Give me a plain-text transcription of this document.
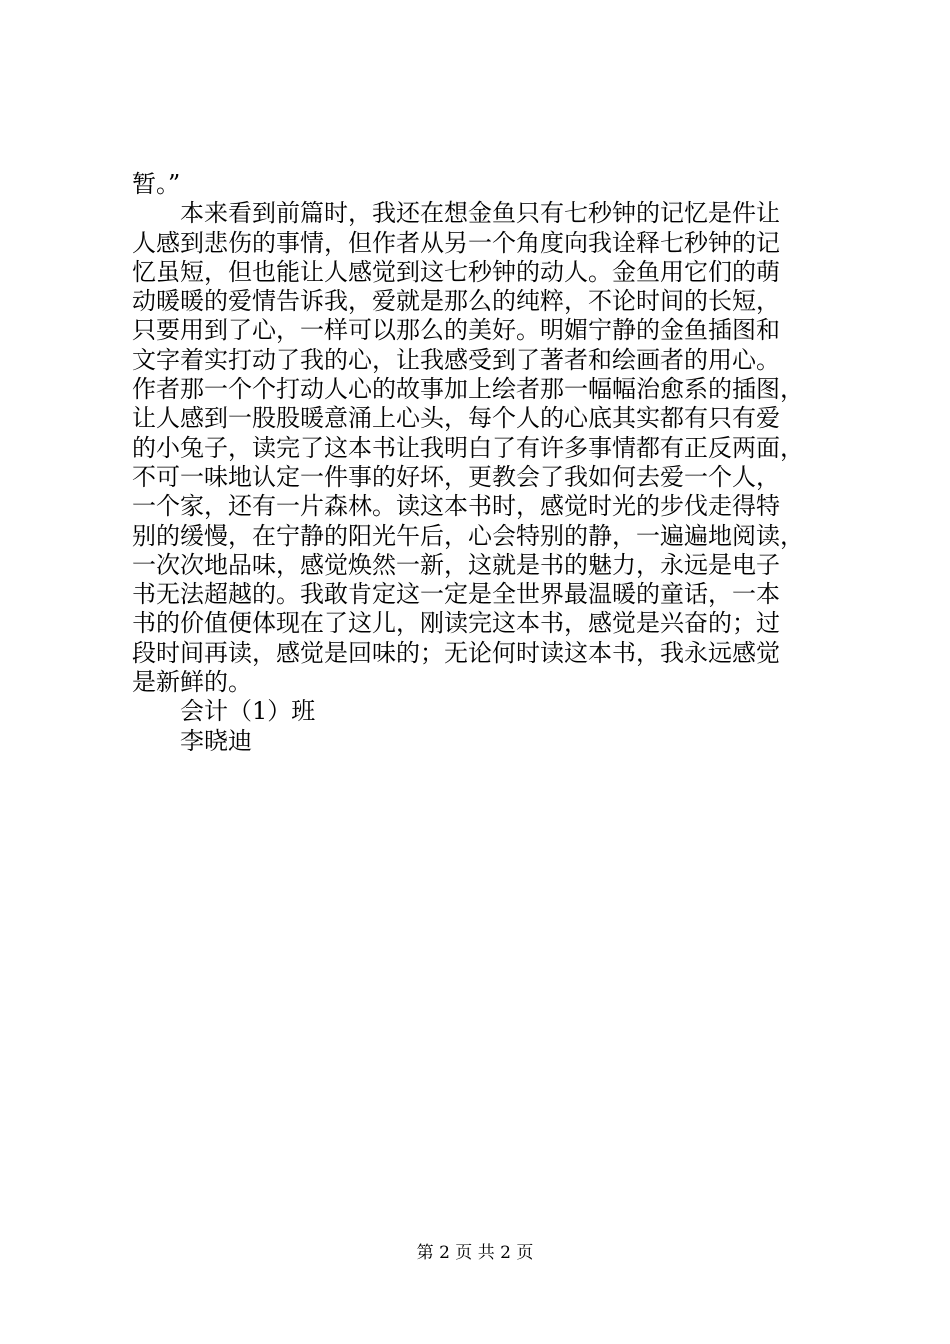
暂。”
本来看到前篇时，我还在想金鱼只有七秒钟的记忆是件让
人感到悲伤的事情，但作者从另一个角度向我诠释七秒钟的记
忆虽短，但也能让人感觉到这七秒钟的动人。金鱼用它们的萌
动暖暖的爱情告诉我，爱就是那么的纯粹，不论时间的长短，
只要用到了心，一样可以那么的美好。明媚宁静的金鱼插图和
文字着实打动了我的心，让我感受到了著者和绘画者的用心。
作者那一个个打动人心的故事加上绘者那一幅幅治愈系的插图，
让人感到一股股暖意涌上心头，每个人的心底其实都有只有爱
的小兔子，读完了这本书让我明白了有许多事情都有正反两面，
不可一味地认定一件事的好坏，更教会了我如何去爱一个人，
一个家，还有一片森林。读这本书时，感觉时光的步伐走得特
别的缓慢，在宁静的阳光午后，心会特别的静，一遍遍地阅读，
一次次地品味，感觉焕然一新，这就是书的魅力，永远是电子
书无法超越的。我敢肯定这一定是全世界最温暖的童话，一本
书的价值便体现在了这儿，刚读完这本书，感觉是兴奋的；过
段时间再读，感觉是回味的；无论何时读这本书，我永远感觉
是新鲜的。
会计（1）班
李晓迪
第 2 页 共 2 页
